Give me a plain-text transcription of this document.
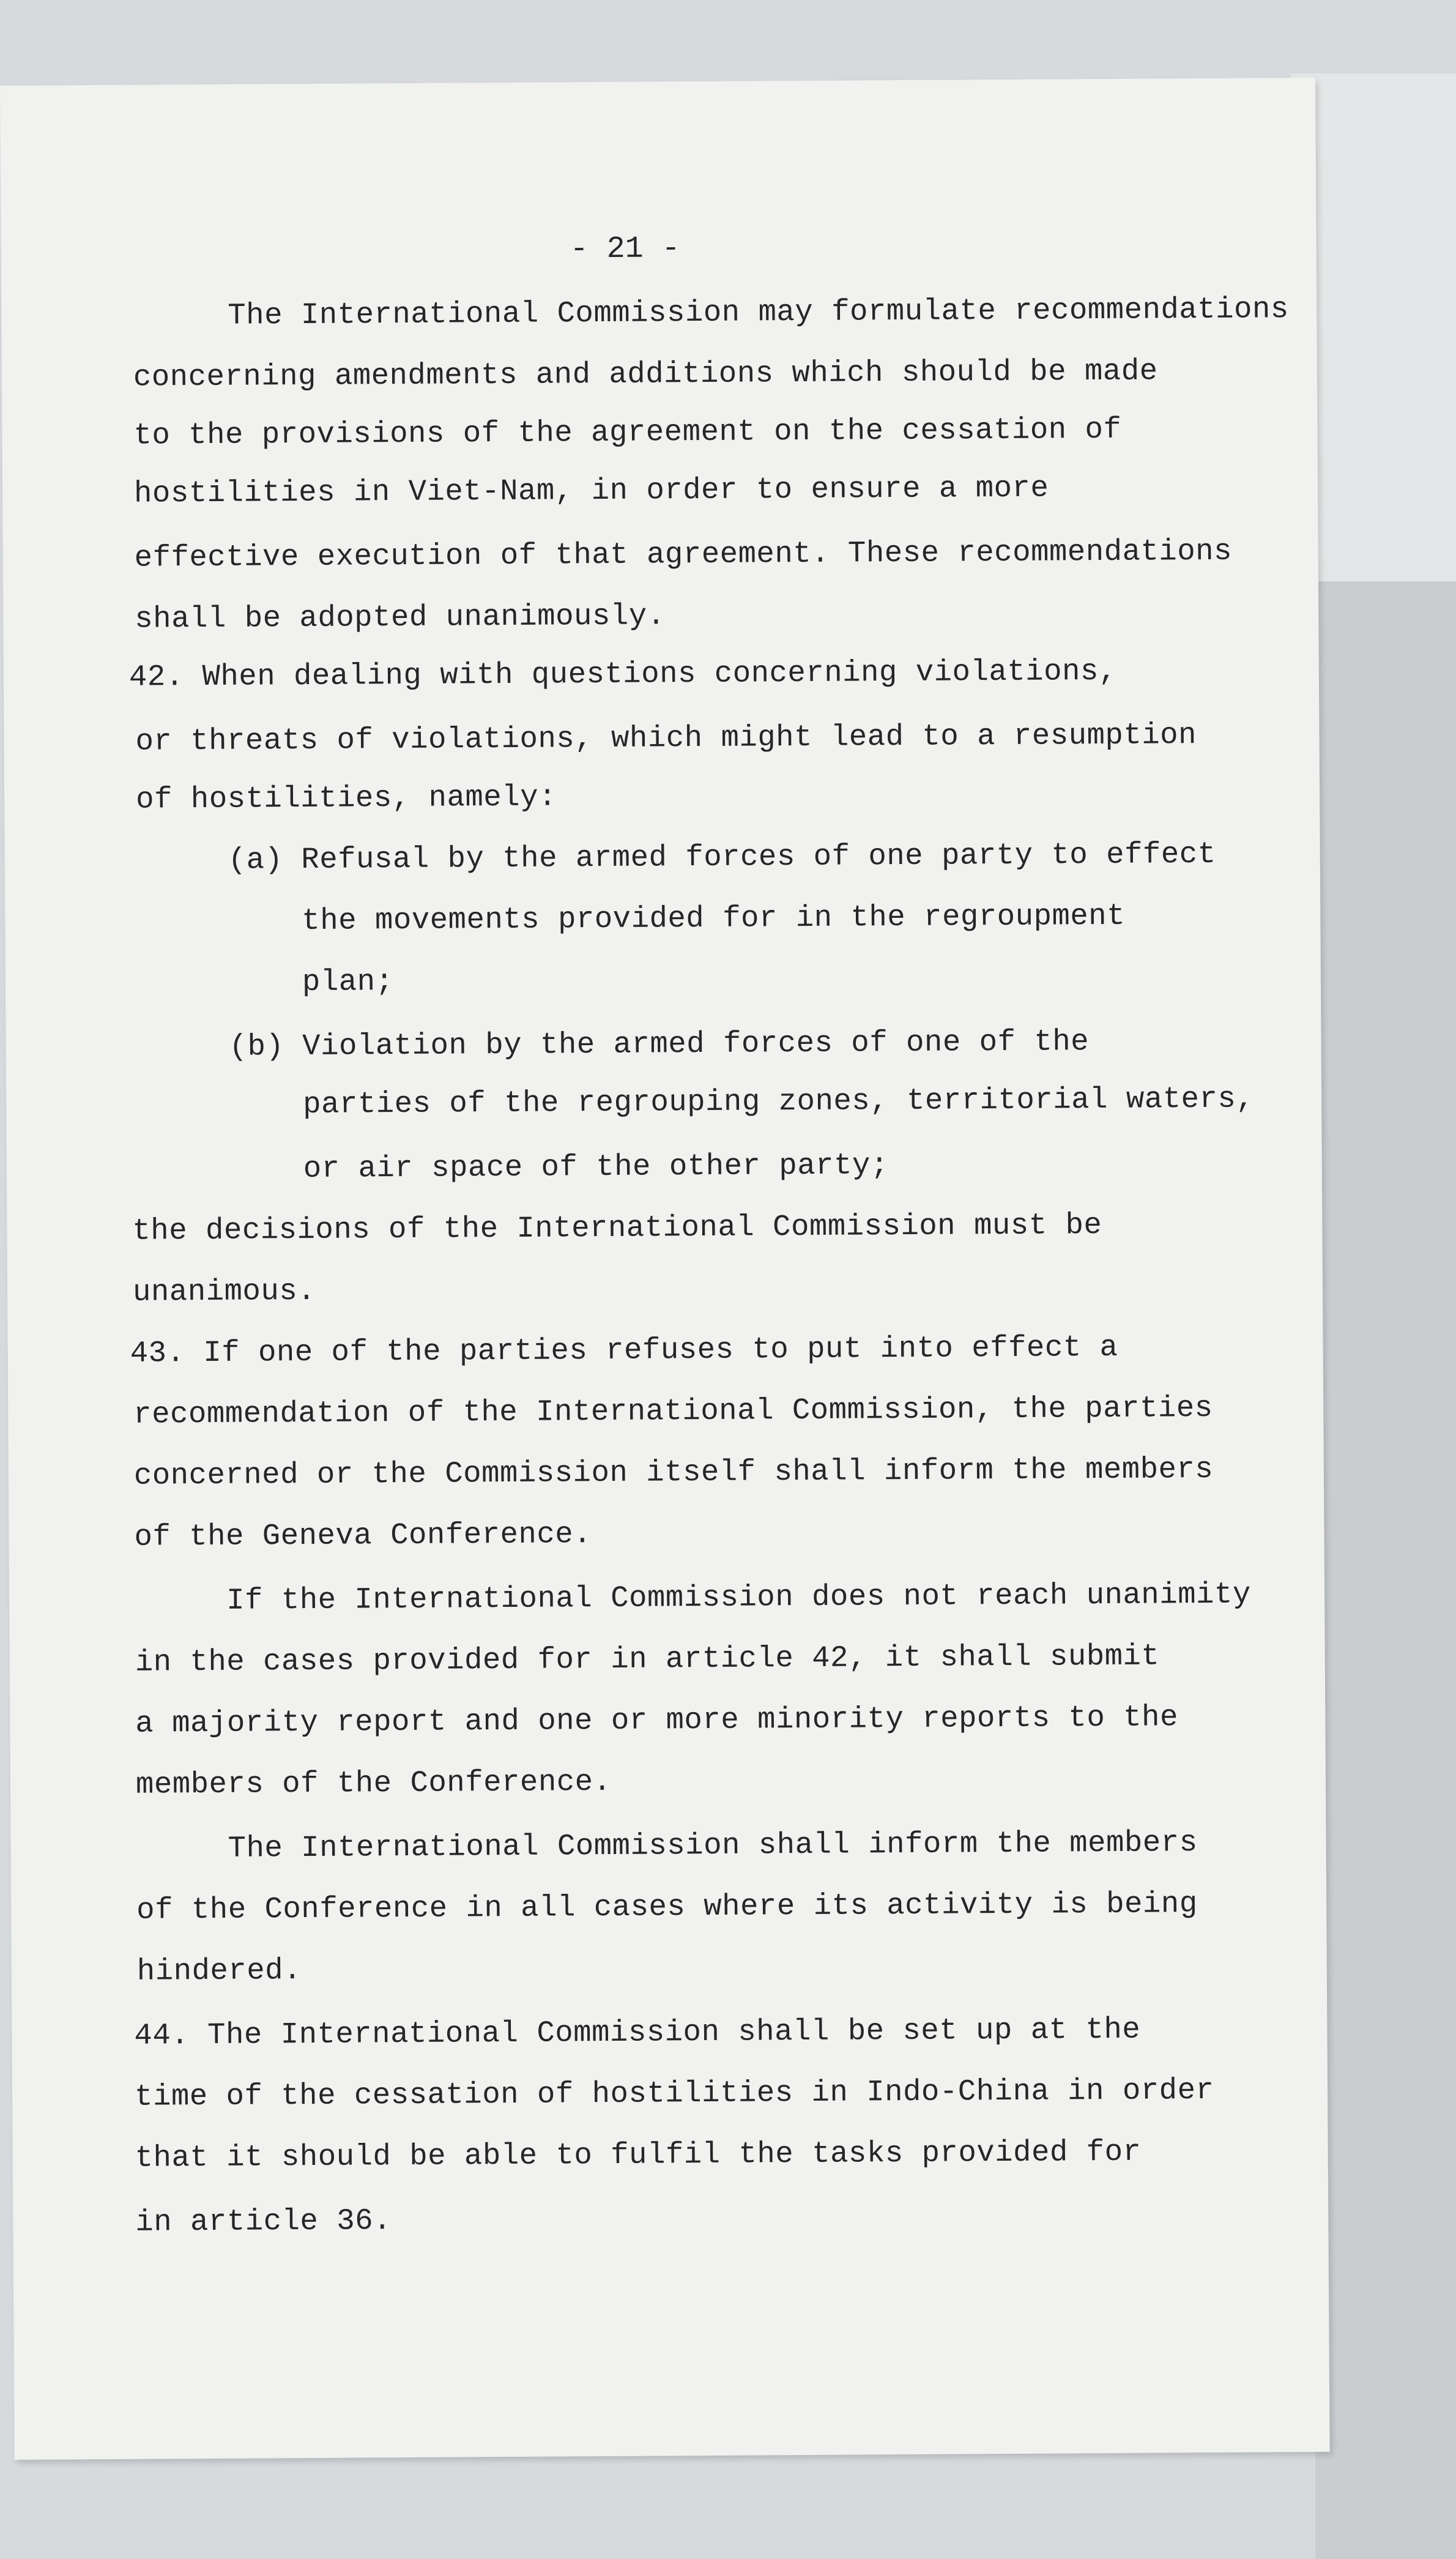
- 21 -
The International Commission may formulate recommendations
concerning amendments and additions which should be made
to the provisions of the agreement on the cessation of
hostilities in Viet-Nam, in order to ensure a more
effective execution of that agreement. These recommendations
shall be adopted unanimously.
42. When dealing with questions concerning violations,
or threats of violations, which might lead to a resumption
of hostilities, namely:
(a) Refusal by the armed forces of one party to effect
the movements provided for in the regroupment
plan;
(b) Violation by the armed forces of one of the
parties of the regrouping zones, territorial waters,
or air space of the other party;
the decisions of the International Commission must be
unanimous.
43. If one of the parties refuses to put into effect a
recommendation of the International Commission, the parties
concerned or the Commission itself shall inform the members
of the Geneva Conference.
If the International Commission does not reach unanimity
in the cases provided for in article 42, it shall submit
a majority report and one or more minority reports to the
members of the Conference.
The International Commission shall inform the members
of the Conference in all cases where its activity is being
hindered.
44. The International Commission shall be set up at the
time of the cessation of hostilities in Indo-China in order
that it should be able to fulfil the tasks provided for
in article 36.
